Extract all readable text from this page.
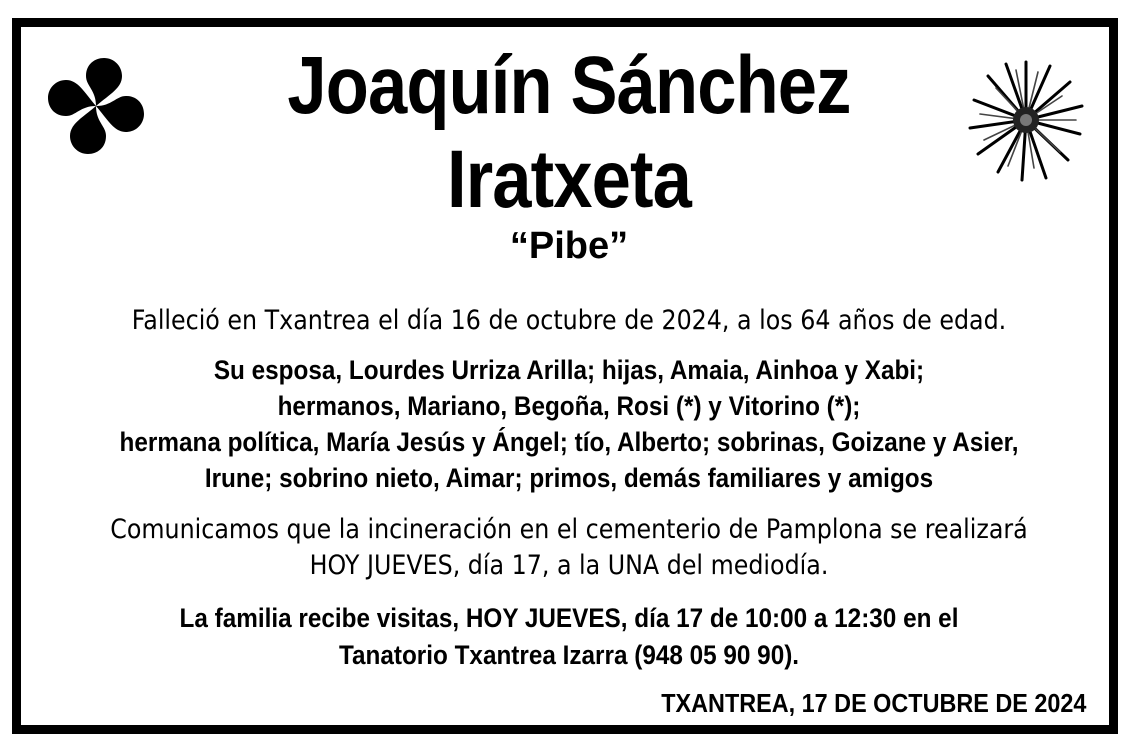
Joaquín Sánchez
Iratxeta
“Pibe”
Falleció en Txantrea el día 16 de octubre de 2024, a los 64 años de edad.
Su esposa, Lourdes Urriza Arilla; hijas, Amaia, Ainhoa y Xabi;
hermanos, Mariano, Begoña, Rosi (*) y Vitorino (*);
hermana política, María Jesús y Ángel; tío, Alberto; sobrinas, Goizane y Asier,
Irune; sobrino nieto, Aimar; primos, demás familiares y amigos
Comunicamos que la incineración en el cementerio de Pamplona se realizará
HOY JUEVES, día 17, a la UNA del mediodía.
La familia recibe visitas, HOY JUEVES, día 17 de 10:00 a 12:30 en el
Tanatorio Txantrea Izarra (948 05 90 90).
TXANTREA, 17 DE OCTUBRE DE 2024
